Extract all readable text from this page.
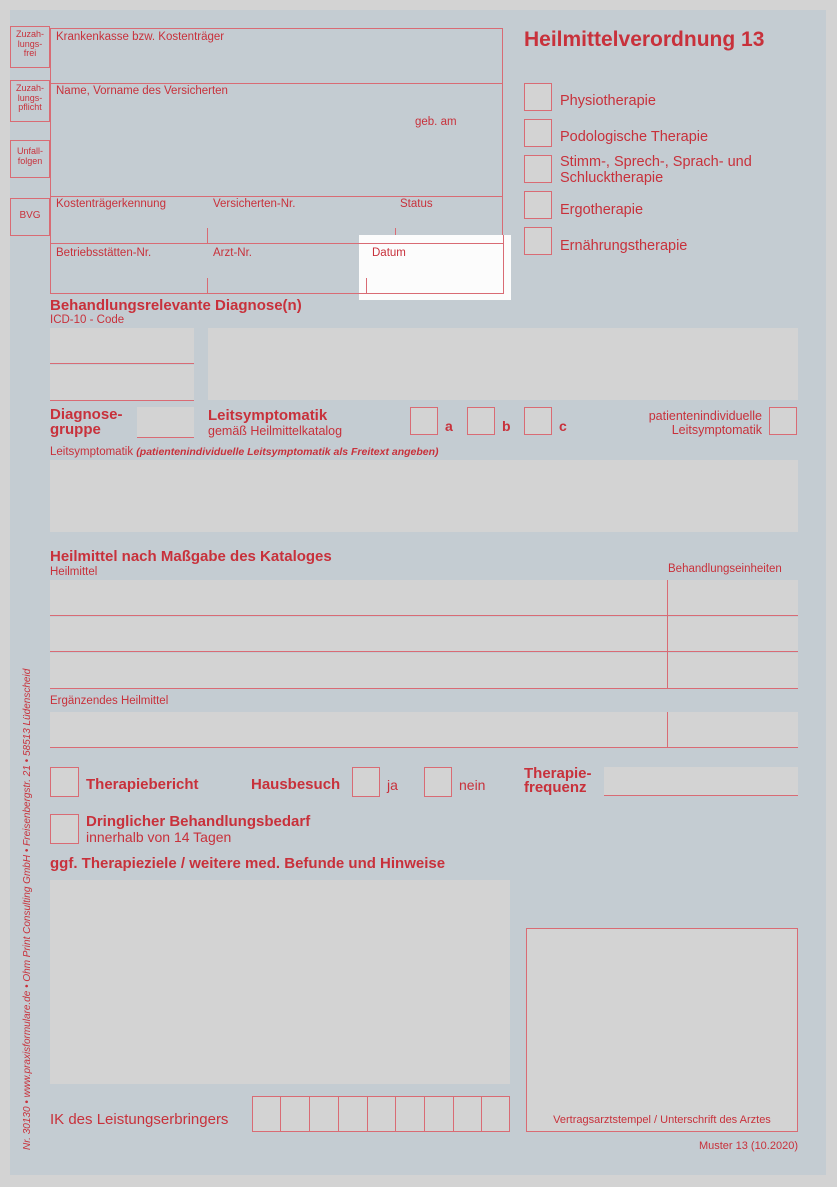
Zuzah-
lungs-
frei
Zuzah-
lungs-
pflicht
Unfall-
folgen
BVG
Krankenkasse bzw. Kostenträger
Name, Vorname des Versicherten
geb. am
Kostenträgerkennung	Versicherten-Nr.	Status
Betriebsstätten-Nr.	Arzt-Nr.	Datum
Heilmittelverordnung 13
Physiotherapie
Podologische Therapie
Stimm-, Sprech-, Sprach- und Schlucktherapie
Ergotherapie
Ernährungstherapie
Behandlungsrelevante Diagnose(n)
ICD-10 - Code
Diagnose-
gruppe
Leitsymptomatik
gemäß Heilmittelkatalog	a	b	c
patientenindividuelle
Leitsymptomatik
Leitsymptomatik (patientenindividuelle Leitsymptomatik als Freitext angeben)
Heilmittel nach Maßgabe des Kataloges
Heilmittel	Behandlungseinheiten
Ergänzendes Heilmittel
Therapiebericht	Hausbesuch	ja	nein
Therapie-
frequenz
Dringlicher Behandlungsbedarf
innerhalb von 14 Tagen
ggf. Therapieziele / weitere med. Befunde und Hinweise
Vertragsarztstempel / Unterschrift des Arztes
IK des Leistungserbringers
Muster 13 (10.2020)
Nr. 30130 • www.praxisformulare.de • Ohm Print Consulting GmbH • Freisenbergstr. 21 • 58513 Lüdenscheid
